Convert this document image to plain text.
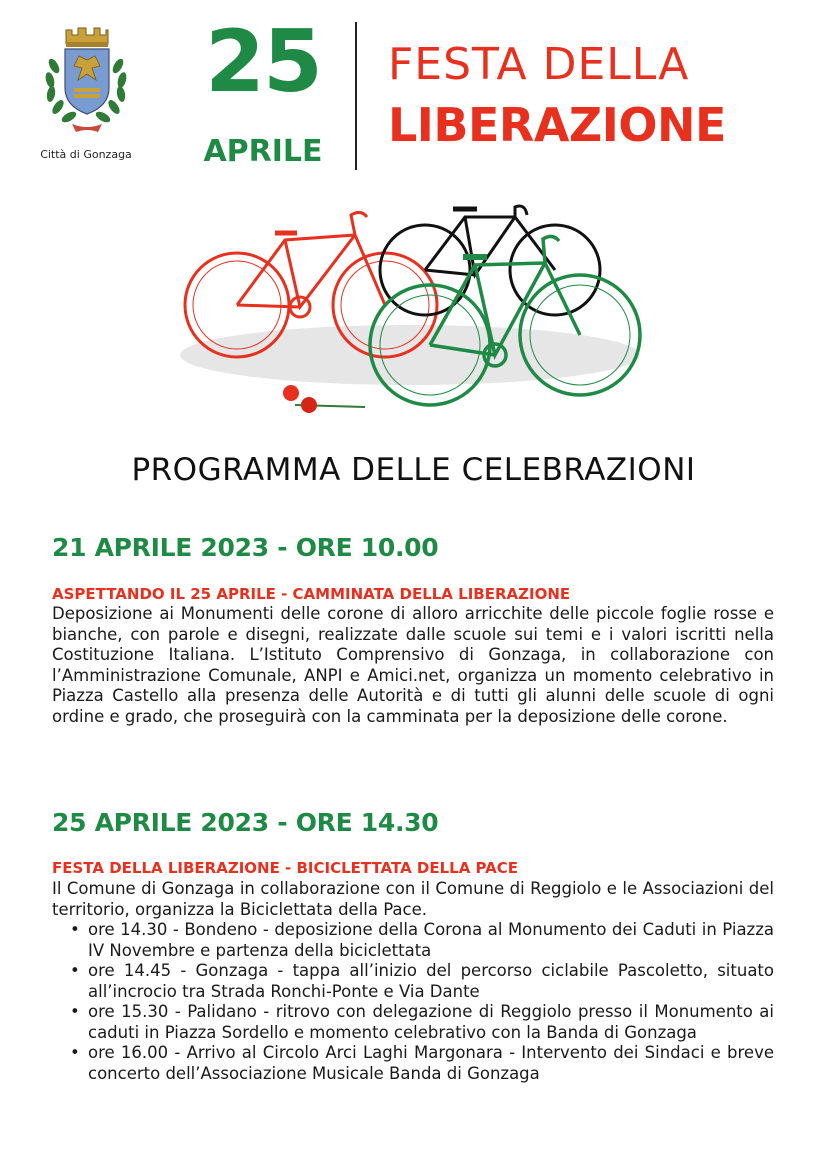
Città di Gonzaga
25
APRILE
FESTA DELLA
LIBERAZIONE
PROGRAMMA DELLE CELEBRAZIONI
21 APRILE 2023 - ORE 10.00
ASPETTANDO IL 25 APRILE - CAMMINATA DELLA LIBERAZIONE
Deposizione ai Monumenti delle corone di alloro arricchite delle piccole foglie rosse e bianche, con parole e disegni, realizzate dalle scuole sui temi e i valori iscritti nella Costituzione Italiana. L’Istituto Comprensivo di Gonzaga, in collaborazione con l’Amministrazione Comunale, ANPI e Amici.net, organizza un momento celebrativo in Piazza Castello alla presenza delle Autorità e di tutti gli alunni delle scuole di ogni ordine e grado, che proseguirà con la camminata per la deposizione delle corone.
25 APRILE 2023 - ORE 14.30
FESTA DELLA LIBERAZIONE - BICICLETTATA DELLA PACE
Il Comune di Gonzaga in collaborazione con il Comune di Reggiolo e le Associazioni del territorio, organizza la Biciclettata della Pace.
• ore 14.30 - Bondeno - deposizione della Corona al Monumento dei Caduti in Piazza IV Novembre e partenza della biciclettata
• ore 14.45 - Gonzaga - tappa all’inizio del percorso ciclabile Pascoletto, situato all’incrocio tra Strada Ronchi-Ponte e Via Dante
• ore 15.30 - Palidano - ritrovo con delegazione di Reggiolo presso il Monumento ai caduti in Piazza Sordello e momento celebrativo con la Banda di Gonzaga
• ore 16.00 - Arrivo al Circolo Arci Laghi Margonara - Intervento dei Sindaci e breve concerto dell’Associazione Musicale Banda di Gonzaga
